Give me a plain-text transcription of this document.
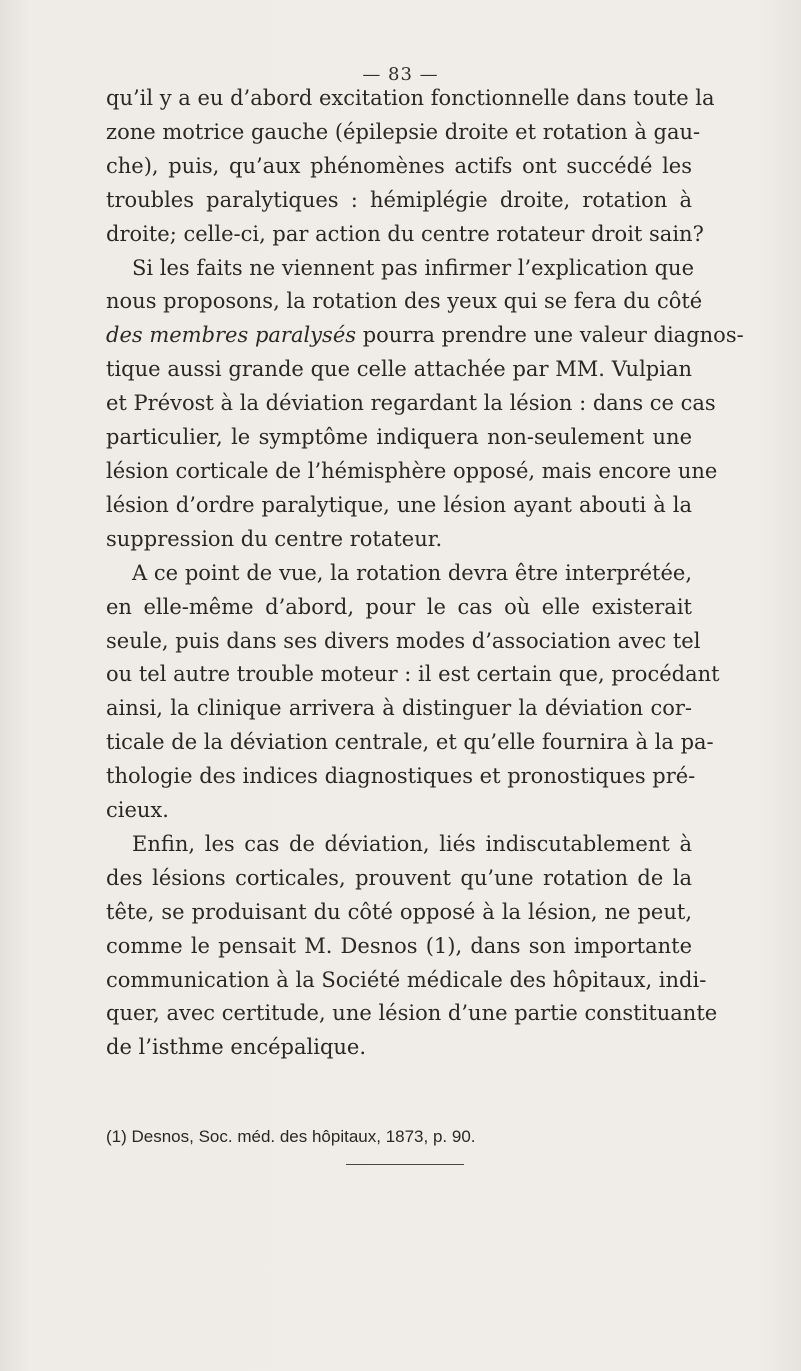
— 83 —
qu’il y a eu d’abord excitation fonctionnelle dans toute la
zone motrice gauche (épilepsie droite et rotation à gau-
che), puis, qu’aux phénomènes actifs ont succédé les
troubles paralytiques : hémiplégie droite, rotation à
droite; celle-ci, par action du centre rotateur droit sain?
Si les faits ne viennent pas infirmer l’explication que
nous proposons, la rotation des yeux qui se fera du côté
des membres paralysés pourra prendre une valeur diagnos-
tique aussi grande que celle attachée par MM. Vulpian
et Prévost à la déviation regardant la lésion : dans ce cas
particulier, le symptôme indiquera non-seulement une
lésion corticale de l’hémisphère opposé, mais encore une
lésion d’ordre paralytique, une lésion ayant abouti à la
suppression du centre rotateur.
A ce point de vue, la rotation devra être interprétée,
en elle-même d’abord, pour le cas où elle existerait
seule, puis dans ses divers modes d’association avec tel
ou tel autre trouble moteur : il est certain que, procédant
ainsi, la clinique arrivera à distinguer la déviation cor-
ticale de la déviation centrale, et qu’elle fournira à la pa-
thologie des indices diagnostiques et pronostiques pré-
cieux.
Enfin, les cas de déviation, liés indiscutablement à
des lésions corticales, prouvent qu’une rotation de la
tête, se produisant du côté opposé à la lésion, ne peut,
comme le pensait M. Desnos (1), dans son importante
communication à la Société médicale des hôpitaux, indi-
quer, avec certitude, une lésion d’une partie constituante
de l’isthme encépalique.
(1) Desnos, Soc. méd. des hôpitaux, 1873, p. 90.
